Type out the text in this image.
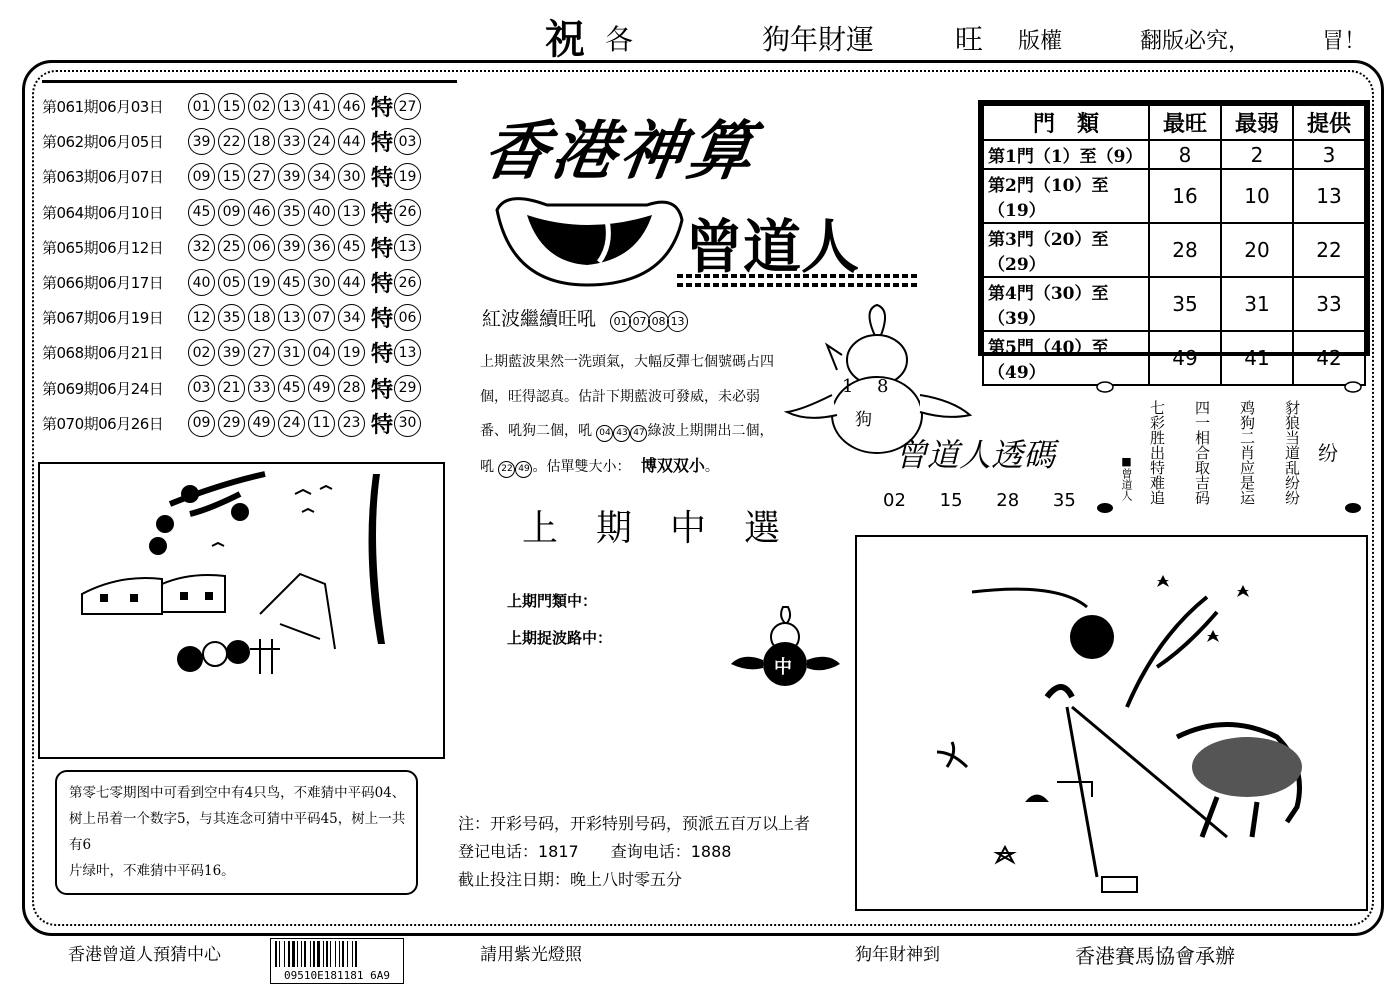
祝 各	狗年財運	旺 版權	翻版必究，	冒！
第061期06月03日	01 15 02 13 41 46 特 27
第062期06月05日	39 22 18 33 24 44 特 03
第063期06月07日	09 15 27 39 34 30 特 19
第064期06月10日	45 09 46 35 40 13 特 26
第065期06月12日	32 25 06 39 36 45 特 13
第066期06月17日	40 05 19 45 30 44 特 26
第067期06月19日	12 35 18 13 07 34 特 06
第068期06月21日	02 39 27 31 04 19 特 13
第069期06月24日	03 21 33 45 49 28 特 29
第070期06月26日	09 29 49 24 11 23 特 30
香港神算
曾道人
門　類	最旺	最弱	提供
第1門（1）至（9）	8	2	3
第2門（10）至（19）	16	10	13
第3門（20）至（29）	28	20	22
第4門（30）至（39）	35	31	33
第5門（40）至（49）	49	41	42
紅波繼續旺吼 01 07 08 13
上期藍波果然一洗頭氣，大幅反彈七個號碼占四個，旺得認真。估計下期藍波可發威，未必弱番、吼狗二個，吼 04 43 47 綠波上期開出二個，吼 22 49 。估單雙大小： 博双双小。
1 8
狗
曾道人透碼
02 15 28 35	七彩胜出特难追 四一相合取吉码 鸡狗二肖应是运 豺狼当道乱纷纷
■曾道人
纷
上期中選
上期門類中：
上期捉波路中：
中
第零七零期图中可看到空中有4只鸟，不难猜中平码04、
树上吊着一个数字5，与其连念可猜中平码45，树上一共有6
片绿叶，不难猜中平码16。
注：开彩号码，开彩特别号码，预派五百万以上者
登记电话：1817　　查询电话：1888
截止投注日期：晚上八时零五分
香港曾道人預猜中心
09510E181181 6A9
請用紫光燈照	狗年財神到	香港賽馬協會承辦
